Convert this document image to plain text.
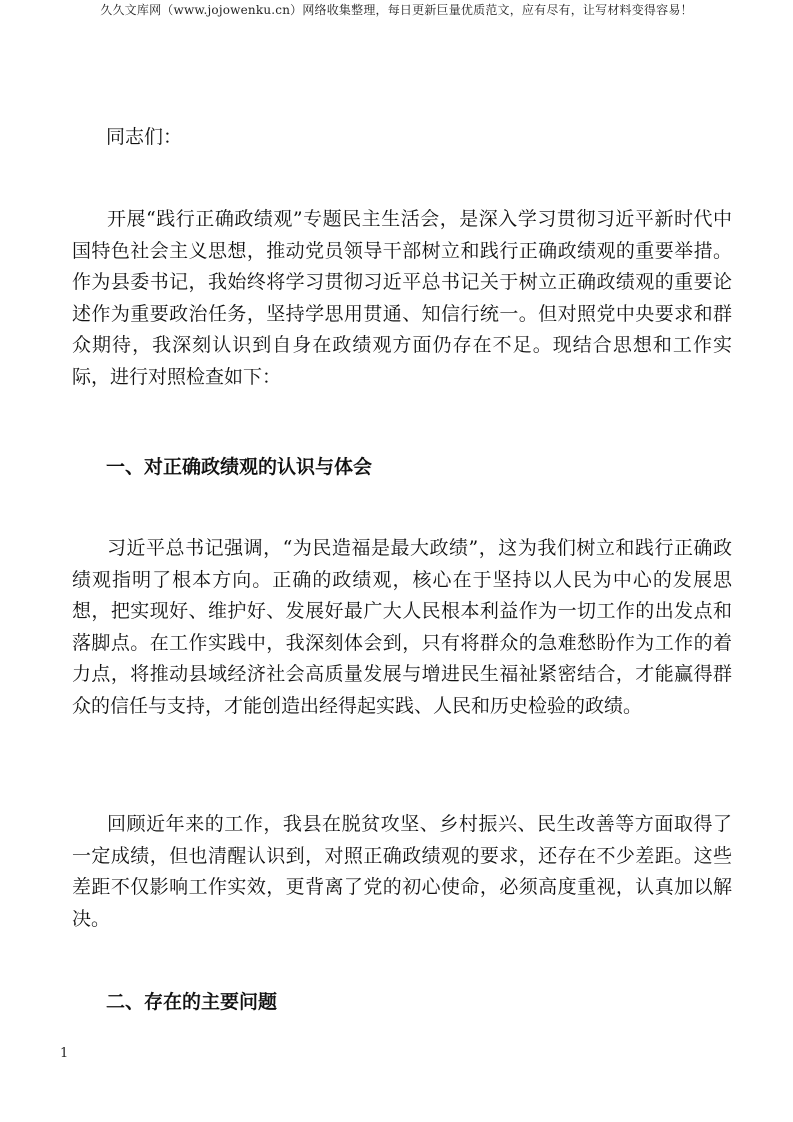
久久文库网（www.jojowenku.cn）网络收集整理，每日更新巨量优质范文，应有尽有，让写材料变得容易！
同志们：

开展“践行正确政绩观”专题民主生活会，是深入学习贯彻习近平新时代中国特色社会主义思想，推动党员领导干部树立和践行正确政绩观的重要举措。作为县委书记，我始终将学习贯彻习近平总书记关于树立正确政绩观的重要论述作为重要政治任务，坚持学思用贯通、知信行统一。但对照党中央要求和群众期待，我深刻认识到自身在政绩观方面仍存在不足。现结合思想和工作实际，进行对照检查如下：

一、对正确政绩观的认识与体会

习近平总书记强调，“为民造福是最大政绩”，这为我们树立和践行正确政绩观指明了根本方向。正确的政绩观，核心在于坚持以人民为中心的发展思想，把实现好、维护好、发展好最广大人民根本利益作为一切工作的出发点和落脚点。在工作实践中，我深刻体会到，只有将群众的急难愁盼作为工作的着力点，将推动县域经济社会高质量发展与增进民生福祉紧密结合，才能赢得群众的信任与支持，才能创造出经得起实践、人民和历史检验的政绩。

回顾近年来的工作，我县在脱贫攻坚、乡村振兴、民生改善等方面取得了一定成绩，但也清醒认识到，对照正确政绩观的要求，还存在不少差距。这些差距不仅影响工作实效，更背离了党的初心使命，必须高度重视，认真加以解决。

二、存在的主要问题
1
